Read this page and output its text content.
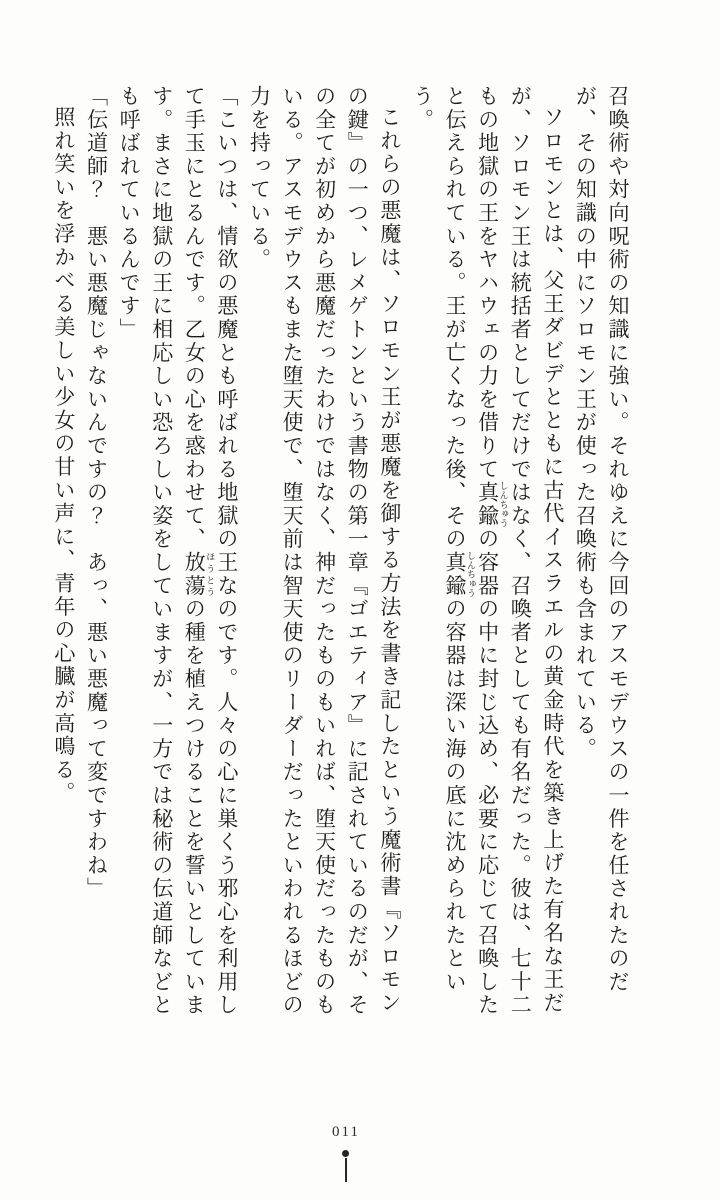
召喚術や対向呪術の知識に強い。それゆえに今回のアスモデウスの一件を任されたのだが、その知識の中にソロモン王が使った召喚術も含まれている。

ソロモンとは、父王ダビデとともに古代イスラエルの黄金時代を築き上げた有名な王だが、ソロモン王は統括者としてだけではなく、召喚者としても有名だった。彼は、七十二もの地獄の王をヤハウェの力を借りて真鍮 しんちゅうの容器の中に封じ込め、必要に応じて召喚したと伝えられている。王が亡くなった後、その真鍮 しんちゅうの容器は深い海の底に沈められたという。

これらの悪魔は、ソロモン王が悪魔を御する方法を書き記したという魔術書『ソロモンの鍵』の一つ、レメゲトンという書物の第一章『ゴエティア』に記されているのだが、その全てが初めから悪魔だったわけではなく、神だったものもいれば、堕天使だったものもいる。アスモデウスもまた堕天使で、堕天前は智天使のリーダーだったといわれるほどの力を持っている。

「こいつは、情欲の悪魔とも呼ばれる地獄の王なのです。人々の心に巣くう邪心を利用して手玉にとるんです。乙女の心を惑わせて、放蕩 ほうとうの種を植えつけることを誓いとしています。まさに地獄の王に相応しい恐ろしい姿をしていますが、一方では秘術の伝道師などとも呼ばれているんです」

「伝道師？　悪い悪魔じゃないんですの？　あっ、悪い悪魔って変ですわね」

照れ笑いを浮かべる美しい少女の甘い声に、青年の心臓が高鳴る。

011
